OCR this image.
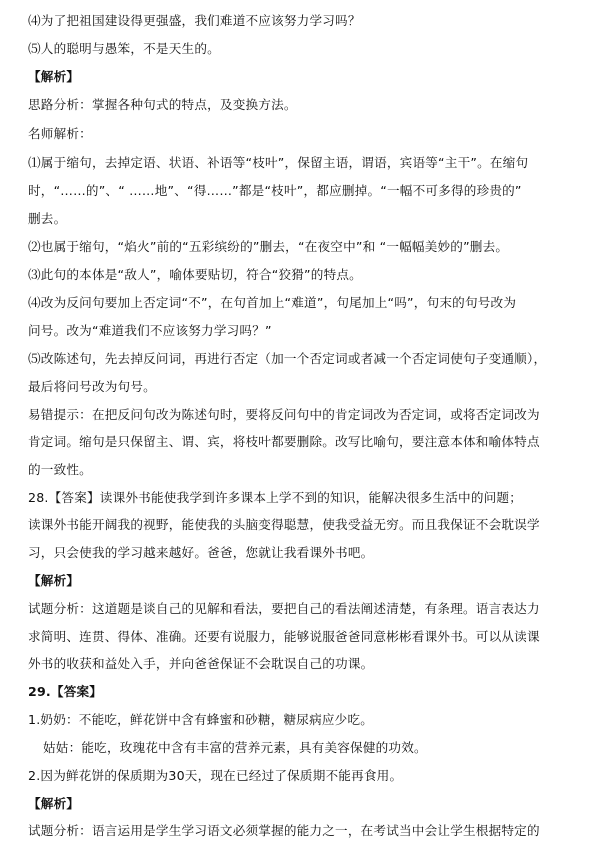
⑷为了把祖国建设得更强盛，我们难道不应该努力学习吗？
⑸人的聪明与愚笨，不是天生的。
【解析】
思路分析：掌握各种句式的特点，及变换方法。
名师解析：
⑴属于缩句，去掉定语、状语、补语等“枝叶”，保留主语，谓语，宾语等“主干”。在缩句
时，“……的”、“ ……地”、“得……”都是“枝叶”，都应删掉。“一幅不可多得的珍贵的”
删去。
⑵也属于缩句，“焰火”前的“五彩缤纷的”删去，“在夜空中”和 “一幅幅美妙的”删去。
⑶此句的本体是“敌人”，喻体要贴切，符合“狡猾”的特点。
⑷改为反问句要加上否定词“不”，在句首加上“难道”，句尾加上“吗”，句末的句号改为
问号。改为“难道我们不应该努力学习吗？”
⑸改陈述句，先去掉反问词，再进行否定（加一个否定词或者减一个否定词使句子变通顺），
最后将问号改为句号。
易错提示：在把反问句改为陈述句时，要将反问句中的肯定词改为否定词，或将否定词改为
肯定词。缩句是只保留主、谓、宾，将枝叶都要删除。改写比喻句，要注意本体和喻体特点
的一致性。
28.【答案】读课外书能使我学到许多课本上学不到的知识，能解决很多生活中的问题；
读课外书能开阔我的视野，能使我的头脑变得聪慧，使我受益无穷。而且我保证不会耽误学
习，只会使我的学习越来越好。爸爸，您就让我看课外书吧。
【解析】
试题分析：这道题是谈自己的见解和看法，要把自己的看法阐述清楚，有条理。语言表达力
求简明、连贯、得体、准确。还要有说服力，能够说服爸爸同意彬彬看课外书。可以从读课
外书的收获和益处入手，并向爸爸保证不会耽误自己的功课。
29.【答案】
1.奶奶：不能吃，鲜花饼中含有蜂蜜和砂糖，糖尿病应少吃。
姑姑：能吃，玫瑰花中含有丰富的营养元素，具有美容保健的功效。
2.因为鲜花饼的保质期为30天，现在已经过了保质期不能再食用。
【解析】
试题分析：语言运用是学生学习语文必须掌握的能力之一，在考试当中会让学生根据特定的
